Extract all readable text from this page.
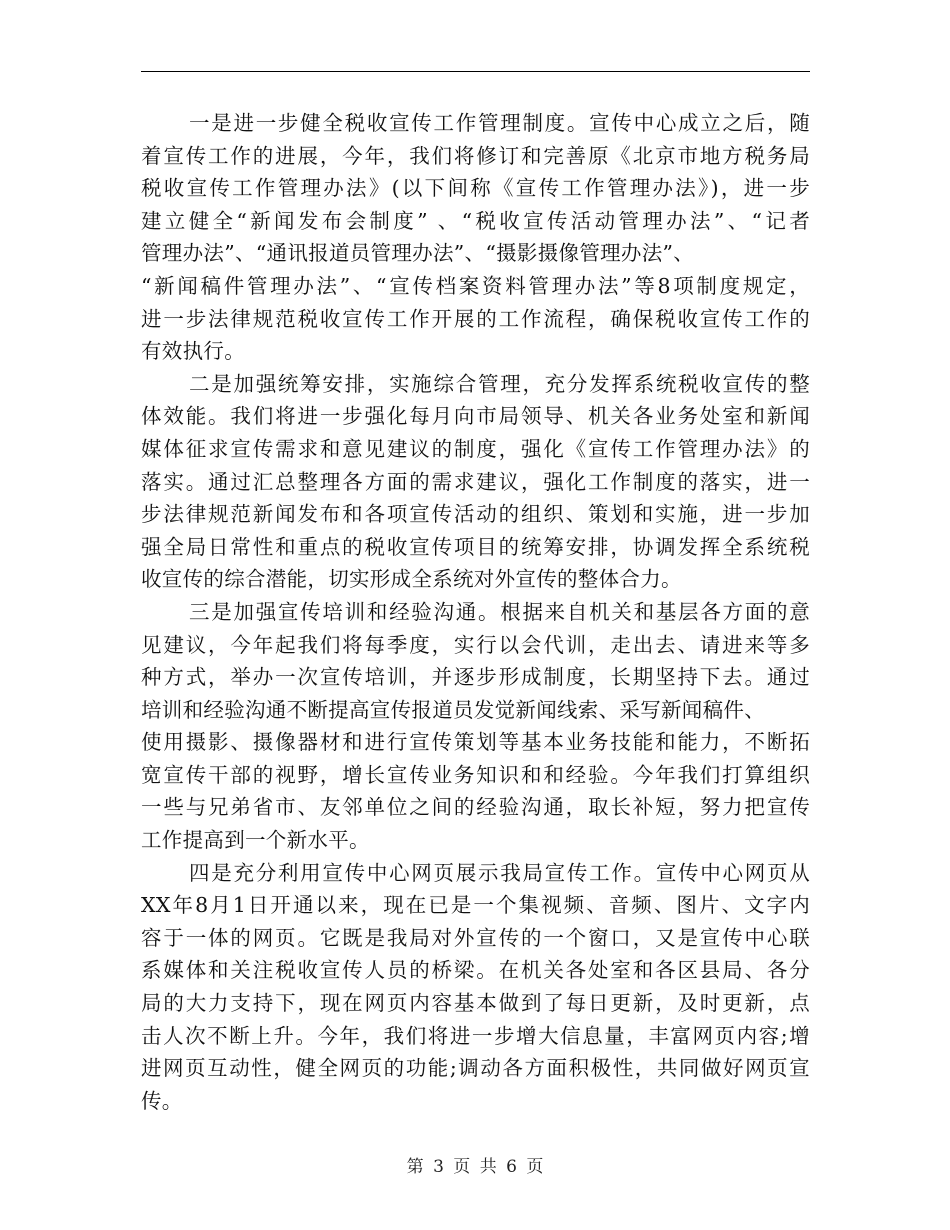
一是进一步健全税收宣传工作管理制度。宣传中心成立之后，随
着宣传工作的进展，今年，我们将修订和完善原《北京市地方税务局
税收宣传工作管理办法》(以下间称《宣传工作管理办法》)，进一步
建立健全“新闻发布会制度” 、“税收宣传活动管理办法”、“记者
管理办法”、“通讯报道员管理办法”、“摄影摄像管理办法”、
“新闻稿件管理办法”、“宣传档案资料管理办法”等8项制度规定，
进一步法律规范税收宣传工作开展的工作流程，确保税收宣传工作的
有效执行。
二是加强统筹安排，实施综合管理，充分发挥系统税收宣传的整
体效能。我们将进一步强化每月向市局领导、机关各业务处室和新闻
媒体征求宣传需求和意见建议的制度，强化《宣传工作管理办法》的
落实。通过汇总整理各方面的需求建议，强化工作制度的落实，进一
步法律规范新闻发布和各项宣传活动的组织、策划和实施，进一步加
强全局日常性和重点的税收宣传项目的统筹安排，协调发挥全系统税
收宣传的综合潜能，切实形成全系统对外宣传的整体合力。
三是加强宣传培训和经验沟通。根据来自机关和基层各方面的意
见建议，今年起我们将每季度，实行以会代训，走出去、请进来等多
种方式，举办一次宣传培训，并逐步形成制度，长期坚持下去。通过
培训和经验沟通不断提高宣传报道员发觉新闻线索、采写新闻稿件、
使用摄影、摄像器材和进行宣传策划等基本业务技能和能力，不断拓
宽宣传干部的视野，增长宣传业务知识和和经验。今年我们打算组织
一些与兄弟省市、友邻单位之间的经验沟通，取长补短，努力把宣传
工作提高到一个新水平。
四是充分利用宣传中心网页展示我局宣传工作。宣传中心网页从
XX年8月1日开通以来，现在已是一个集视频、音频、图片、文字内
容于一体的网页。它既是我局对外宣传的一个窗口，又是宣传中心联
系媒体和关注税收宣传人员的桥梁。在机关各处室和各区县局、各分
局的大力支持下，现在网页内容基本做到了每日更新，及时更新，点
击人次不断上升。今年，我们将进一步增大信息量，丰富网页内容;增
进网页互动性，健全网页的功能;调动各方面积极性，共同做好网页宣
传。
第 3 页 共 6 页
